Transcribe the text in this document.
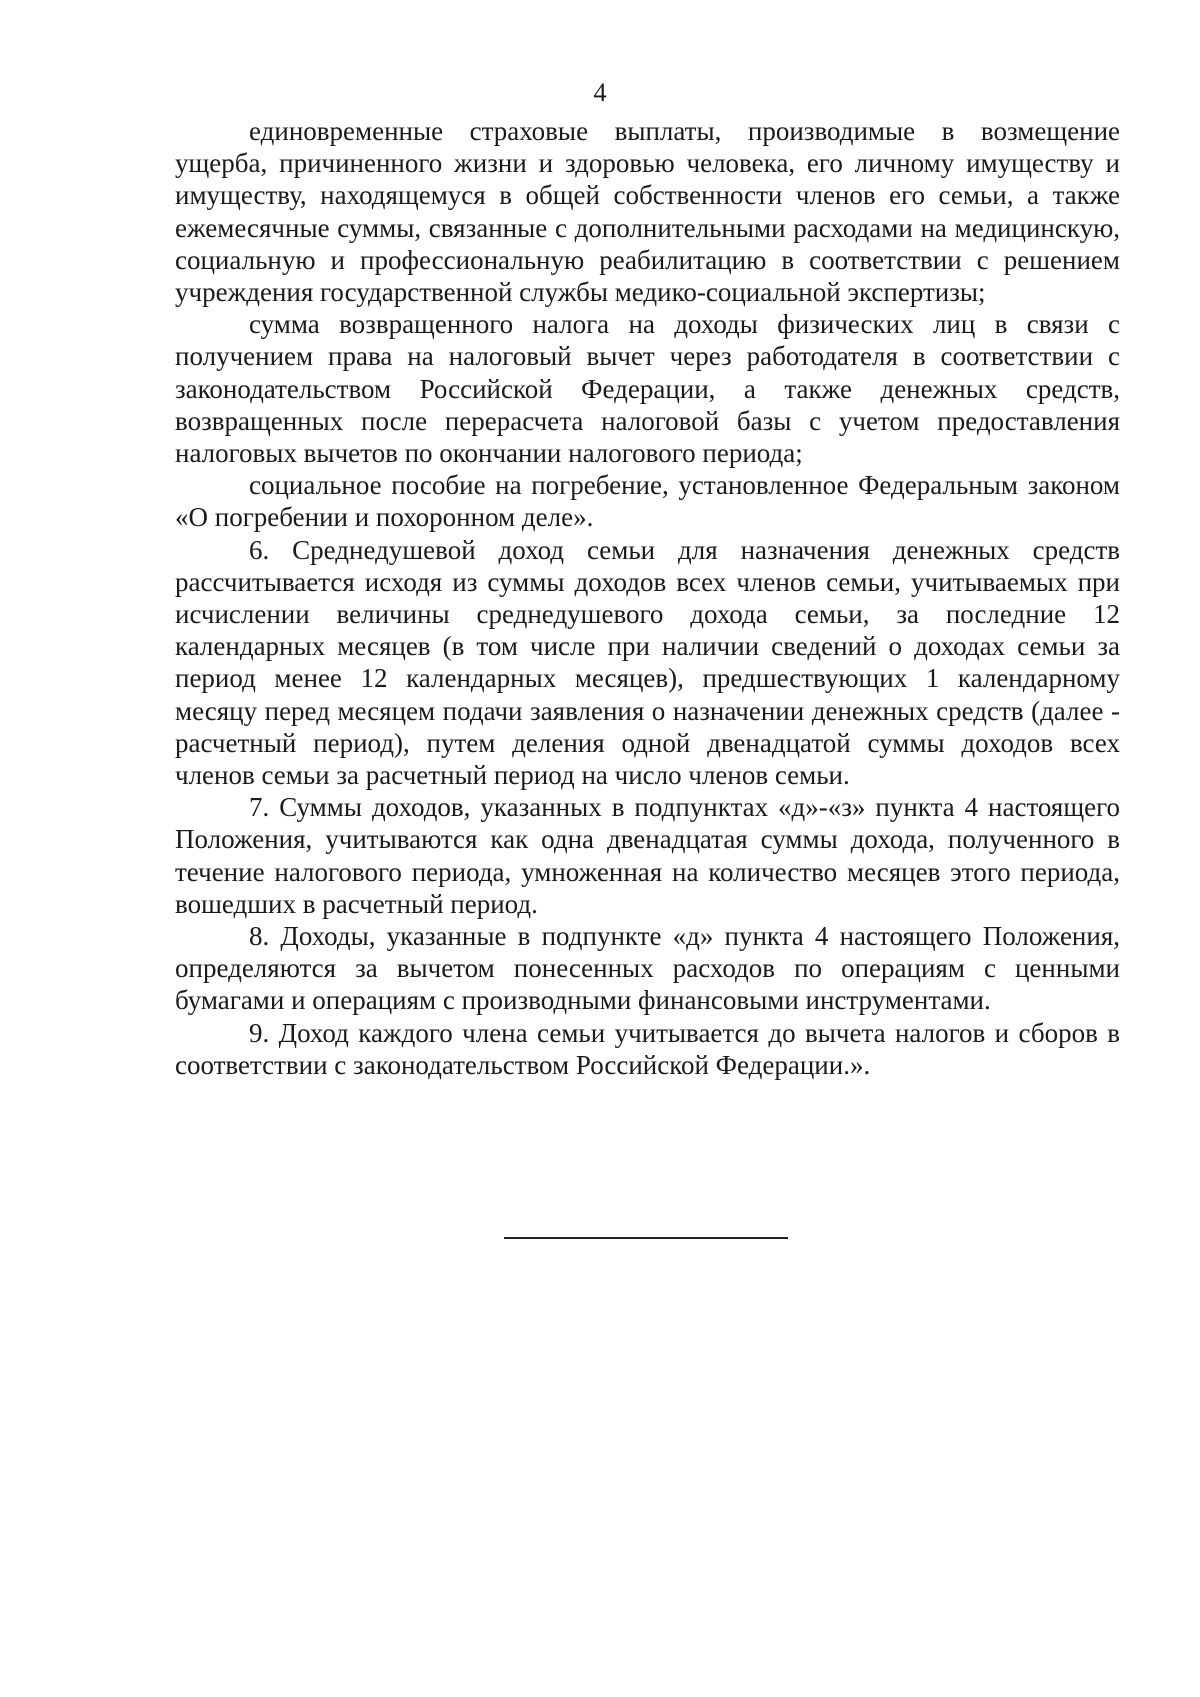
4

единовременные страховые выплаты, производимые в возмещение ущерба, причиненного жизни и здоровью человека, его личному имуществу и имуществу, находящемуся в общей собственности членов его семьи, а также ежемесячные суммы, связанные с дополнительными расходами на медицинскую, социальную и профессиональную реабилитацию в соответствии с решением учреждения государственной службы медико-социальной экспертизы;

сумма возвращенного налога на доходы физических лиц в связи с получением права на налоговый вычет через работодателя в соответствии с законодательством Российской Федерации, а также денежных средств, возвращенных после перерасчета налоговой базы с учетом предоставления налоговых вычетов по окончании налогового периода;

социальное пособие на погребение, установленное Федеральным законом «О погребении и похоронном деле».

6. Среднедушевой доход семьи для назначения денежных средств рассчитывается исходя из суммы доходов всех членов семьи, учитываемых при исчислении величины среднедушевого дохода семьи, за последние 12 календарных месяцев (в том числе при наличии сведений о доходах семьи за период менее 12 календарных месяцев), предшествующих 1 календарному месяцу перед месяцем подачи заявления о назначении денежных средств (далее - расчетный период), путем деления одной двенадцатой суммы доходов всех членов семьи за расчетный период на число членов семьи.

7. Суммы доходов, указанных в подпунктах «д»-«з» пункта 4 настоящего Положения, учитываются как одна двенадцатая суммы дохода, полученного в течение налогового периода, умноженная на количество месяцев этого периода, вошедших в расчетный период.

8. Доходы, указанные в подпункте «д» пункта 4 настоящего Положения, определяются за вычетом понесенных расходов по операциям с ценными бумагами и операциям с производными финансовыми инструментами.

9. Доход каждого члена семьи учитывается до вычета налогов и сборов в соответствии с законодательством Российской Федерации.».
